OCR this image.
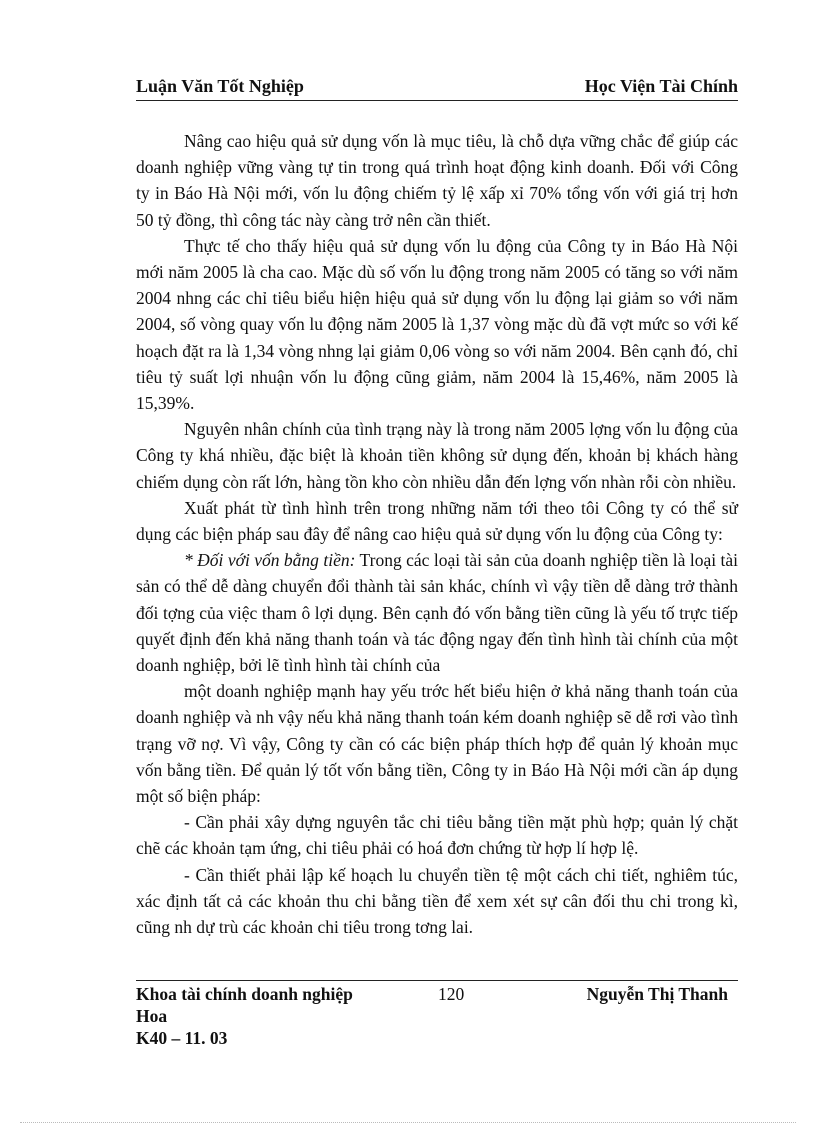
Luận Văn Tốt Nghiệp	Học Viện Tài Chính

Nâng cao hiệu quả sử dụng vốn là mục tiêu, là chỗ dựa vững chắc để giúp các doanh nghiệp vững vàng tự tin trong quá trình hoạt động kinh doanh. Đối với Công ty in Báo Hà Nội mới, vốn lu động chiếm tỷ lệ xấp xỉ 70% tổng vốn với giá trị hơn 50 tỷ đồng, thì công tác này càng trở nên cần thiết.

Thực tế cho thấy hiệu quả sử dụng vốn lu động của Công ty in Báo Hà Nội mới năm 2005 là cha cao. Mặc dù số vốn lu động trong năm 2005 có tăng so với năm 2004 nhng các chỉ tiêu biểu hiện hiệu quả sử dụng vốn lu động lại giảm so với năm 2004, số vòng quay vốn lu động năm 2005 là 1,37 vòng mặc dù đã vợt mức so với kế hoạch đặt ra là 1,34 vòng nhng lại giảm 0,06 vòng so với năm 2004. Bên cạnh đó, chỉ tiêu tỷ suất lợi nhuận vốn lu động cũng giảm, năm 2004 là 15,46%, năm 2005 là 15,39%.

Nguyên nhân chính của tình trạng này là trong năm 2005 lợng vốn lu động của Công ty khá nhiều, đặc biệt là khoản tiền không sử dụng đến, khoản bị khách hàng chiếm dụng còn rất lớn, hàng tồn kho còn nhiều dẫn đến lợng vốn nhàn rỗi còn nhiều.

Xuất phát từ tình hình trên trong những năm tới theo tôi Công ty có thể sử dụng các biện pháp sau đây để nâng cao hiệu quả sử dụng vốn lu động của Công ty:

* Đối với vốn bằng tiền: Trong các loại tài sản của doanh nghiệp tiền là loại tài sản có thể dễ dàng chuyển đổi thành tài sản khác, chính vì vậy tiền dễ dàng trở thành đối tợng của việc tham ô lợi dụng. Bên cạnh đó vốn bằng tiền cũng là yếu tố trực tiếp quyết định đến khả năng thanh toán và tác động ngay đến tình hình tài chính của một doanh nghiệp, bởi lẽ tình hình tài chính của

một doanh nghiệp mạnh hay yếu trớc hết biểu hiện ở khả năng thanh toán của doanh nghiệp và nh vậy nếu khả năng thanh toán kém doanh nghiệp sẽ dễ rơi vào tình trạng vỡ nợ. Vì vậy, Công ty cần có các biện pháp thích hợp để quản lý khoản mục vốn bằng tiền. Để quản lý tốt vốn bằng tiền, Công ty in Báo Hà Nội mới cần áp dụng một số biện pháp:

- Cần phải xây dựng nguyên tắc chi tiêu bằng tiền mặt phù hợp; quản lý chặt chẽ các khoản tạm ứng, chi tiêu phải có hoá đơn chứng từ hợp lí hợp lệ.

- Cần thiết phải lập kế hoạch lu chuyển tiền tệ một cách chi tiết, nghiêm túc, xác định tất cả các khoản thu chi bằng tiền để xem xét sự cân đối thu chi trong kì, cũng nh dự trù các khoản chi tiêu trong tơng lai.

Khoa tài chính doanh nghiệp	120	Nguyễn Thị Thanh
Hoa
K40 – 11. 03
